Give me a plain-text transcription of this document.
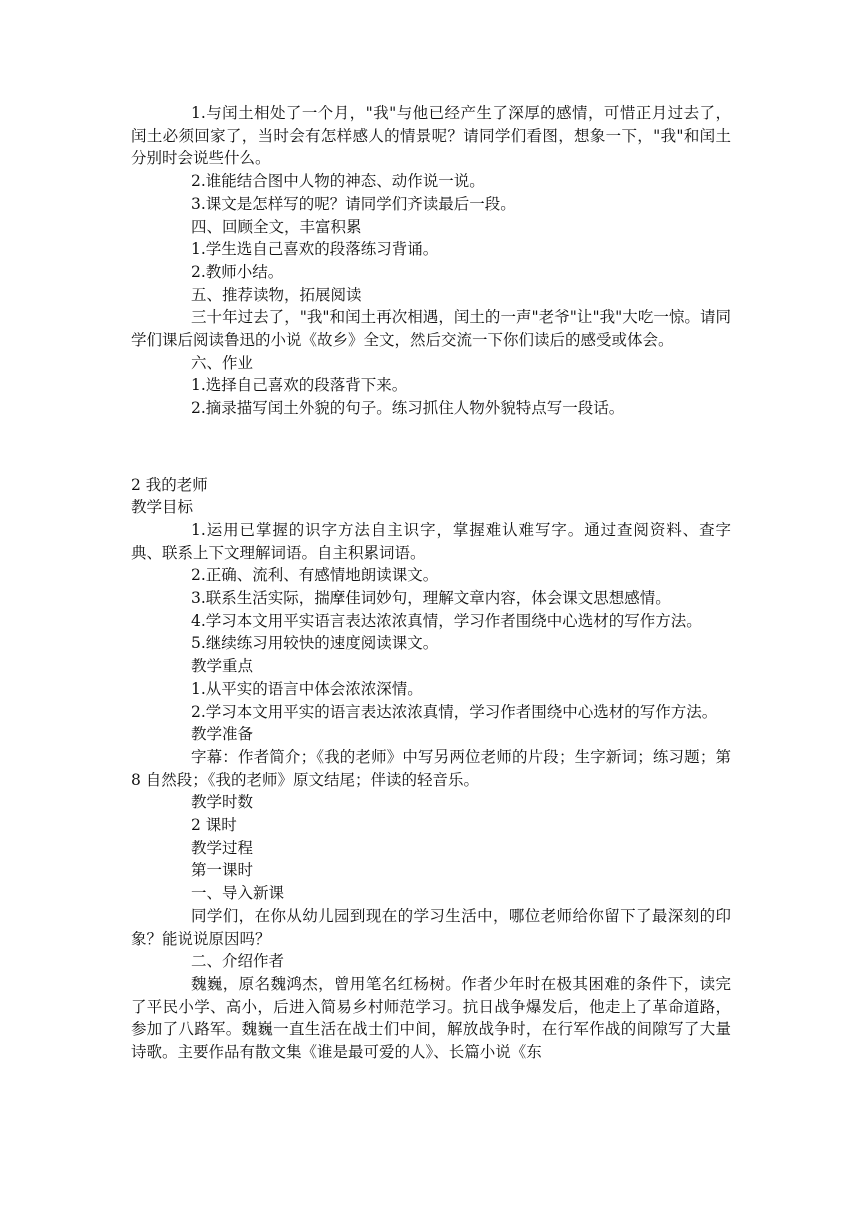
1.与闰土相处了一个月，"我"与他已经产生了深厚的感情，可惜正月过去了，闰土必须回家了，当时会有怎样感人的情景呢？请同学们看图，想象一下，"我"和闰土分别时会说些什么。

2.谁能结合图中人物的神态、动作说一说。

3.课文是怎样写的呢？请同学们齐读最后一段。

四、回顾全文，丰富积累

1.学生选自己喜欢的段落练习背诵。

2.教师小结。

五、推荐读物，拓展阅读

三十年过去了，"我"和闰土再次相遇，闰土的一声"老爷"让"我"大吃一惊。请同学们课后阅读鲁迅的小说《故乡》全文，然后交流一下你们读后的感受或体会。

六、作业

1.选择自己喜欢的段落背下来。

2.摘录描写闰土外貌的句子。练习抓住人物外貌特点写一段话。

2 我的老师

教学目标

1.运用已掌握的识字方法自主识字，掌握难认难写字。通过查阅资料、查字典、联系上下文理解词语。自主积累词语。

2.正确、流利、有感情地朗读课文。

3.联系生活实际，揣摩佳词妙句，理解文章内容，体会课文思想感情。

4.学习本文用平实语言表达浓浓真情，学习作者围绕中心选材的写作方法。

5.继续练习用较快的速度阅读课文。

教学重点

1.从平实的语言中体会浓浓深情。

2.学习本文用平实的语言表达浓浓真情，学习作者围绕中心选材的写作方法。

教学准备

字幕：作者简介；《我的老师》中写另两位老师的片段；生字新词；练习题；第 8 自然段；《我的老师》原文结尾；伴读的轻音乐。

教学时数

2 课时

教学过程

第一课时

一、导入新课

同学们，在你从幼儿园到现在的学习生活中，哪位老师给你留下了最深刻的印象？能说说原因吗？

二、介绍作者

魏巍，原名魏鸿杰，曾用笔名红杨树。作者少年时在极其困难的条件下，读完了平民小学、高小，后进入简易乡村师范学习。抗日战争爆发后，他走上了革命道路，参加了八路军。魏巍一直生活在战士们中间，解放战争时，在行军作战的间隙写了大量诗歌。主要作品有散文集《谁是最可爱的人》、长篇小说《东
